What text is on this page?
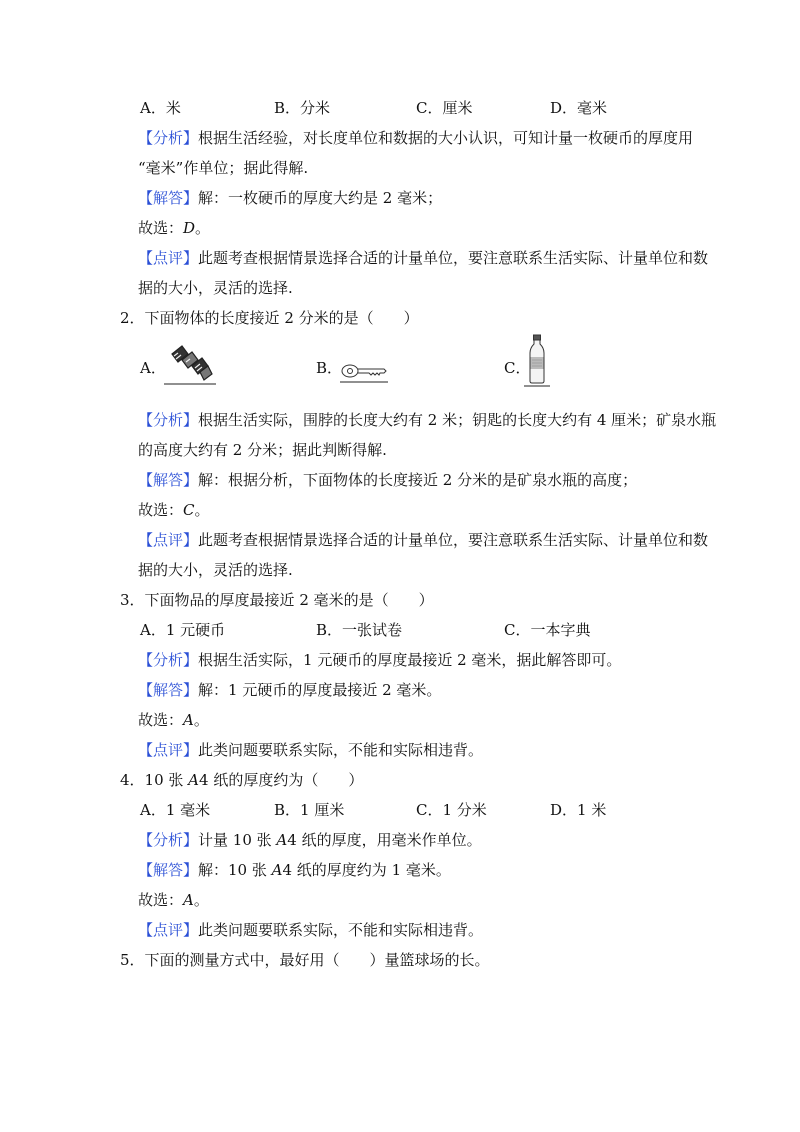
A．米	B．分米	C．厘米	D．毫米
【分析】根据生活经验，对长度单位和数据的大小认识，可知计量一枚硬币的厚度用
“毫米”作单位；据此得解.
【解答】解：一枚硬币的厚度大约是 2 毫米；
故选：D。
【点评】此题考查根据情景选择合适的计量单位，要注意联系生活实际、计量单位和数
据的大小，灵活的选择.
2．下面物体的长度接近 2 分米的是（　　）
A．	B．	C．
【分析】根据生活实际，围脖的长度大约有 2 米；钥匙的长度大约有 4 厘米；矿泉水瓶
的高度大约有 2 分米；据此判断得解.
【解答】解：根据分析，下面物体的长度接近 2 分米的是矿泉水瓶的高度；
故选：C。
【点评】此题考查根据情景选择合适的计量单位，要注意联系生活实际、计量单位和数
据的大小，灵活的选择.
3．下面物品的厚度最接近 2 毫米的是（　　）
A．1 元硬币	B．一张试卷	C．一本字典
【分析】根据生活实际，1 元硬币的厚度最接近 2 毫米，据此解答即可。
【解答】解：1 元硬币的厚度最接近 2 毫米。
故选：A。
【点评】此类问题要联系实际，不能和实际相违背。
4．10 张 A4 纸的厚度约为（　　）
A．1 毫米	B．1 厘米	C．1 分米	D．1 米
【分析】计量 10 张 A4 纸的厚度，用毫米作单位。
【解答】解：10 张 A4 纸的厚度约为 1 毫米。
故选：A。
【点评】此类问题要联系实际，不能和实际相违背。
5．下面的测量方式中，最好用（　　）量篮球场的长。
